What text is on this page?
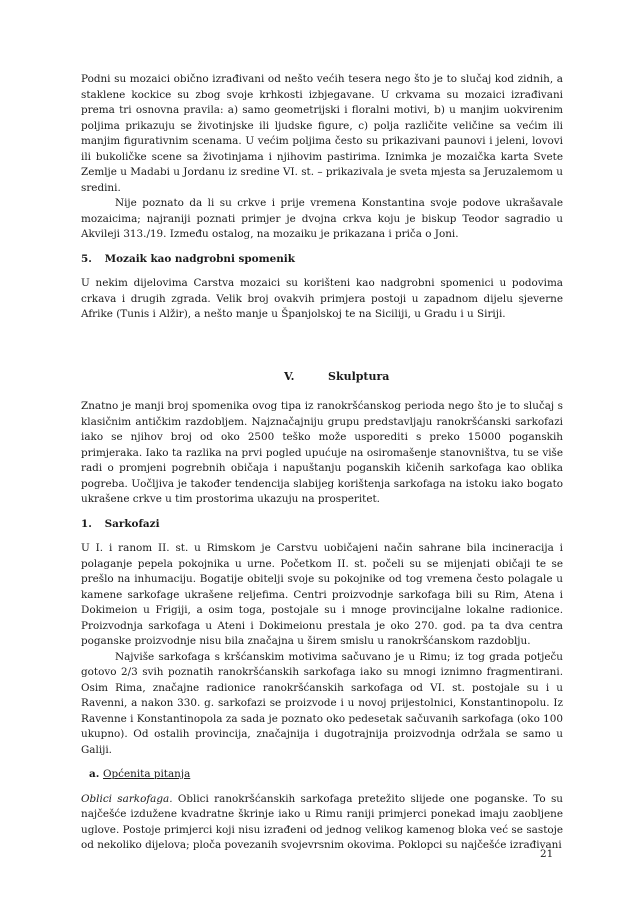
Podni su mozaici obično izrađivani od nešto većih tesera nego što je to slučaj kod zidnih, a staklene kockice su zbog svoje krhkosti izbjegavane. U crkvama su mozaici izrađivani prema tri osnovna pravila: a) samo geometrijski i floralni motivi, b) u manjim uokvirenim poljima prikazuju se životinjske ili ljudske figure, c) polja različite veličine sa većim ili manjim figurativnim scenama. U većim poljima često su prikazivani paunovi i jeleni, lovovi ili bukoličke scene sa životinjama i njihovim pastirima. Iznimka je mozaička karta Svete Zemlje u Madabi u Jordanu iz sredine VI. st. – prikazivala je sveta mjesta sa Jeruzalemom u sredini.

Nije poznato da li su crkve i prije vremena Konstantina svoje podove ukrašavale mozaicima; najraniji poznati primjer je dvojna crkva koju je biskup Teodor sagradio u Akvileji 313./19. Između ostalog, na mozaiku je prikazana i priča o Joni.

5. Mozaik kao nadgrobni spomenik

U nekim dijelovima Carstva mozaici su korišteni kao nadgrobni spomenici u podovima crkava i drugih zgrada. Velik broj ovakvih primjera postoji u zapadnom dijelu sjeverne Afrike (Tunis i Alžir), a nešto manje u Španjolskoj te na Siciliji, u Gradu i u Siriji.

V.	Skulptura

Znatno je manji broj spomenika ovog tipa iz ranokršćanskog perioda nego što je to slučaj s klasičnim antičkim razdobljem. Najznačajniju grupu predstavljaju ranokršćanski sarkofazi iako se njihov broj od oko 2500 teško može usporediti s preko 15000 poganskih primjeraka. Iako ta razlika na prvi pogled upućuje na osiromašenje stanovništva, tu se više radi o promjeni pogrebnih običaja i napuštanju poganskih kičenih sarkofaga kao oblika pogreba. Uočljiva je također tendencija slabijeg korištenja sarkofaga na istoku iako bogato ukrašene crkve u tim prostorima ukazuju na prosperitet.

1. Sarkofazi

U I. i ranom II. st. u Rimskom je Carstvu uobičajeni način sahrane bila incineracija i polaganje pepela pokojnika u urne. Početkom II. st. počeli su se mijenjati običaji te se prešlo na inhumaciju. Bogatije obitelji svoje su pokojnike od tog vremena često polagale u kamene sarkofage ukrašene reljefima. Centri proizvodnje sarkofaga bili su Rim, Atena i Dokimeion u Frigiji, a osim toga, postojale su i mnoge provincijalne lokalne radionice. Proizvodnja sarkofaga u Ateni i Dokimeionu prestala je oko 270. god. pa ta dva centra poganske proizvodnje nisu bila značajna u širem smislu u ranokršćanskom razdoblju.

Najviše sarkofaga s kršćanskim motivima sačuvano je u Rimu; iz tog grada potječu gotovo 2/3 svih poznatih ranokršćanskih sarkofaga iako su mnogi iznimno fragmentirani. Osim Rima, značajne radionice ranokršćanskih sarkofaga od VI. st. postojale su i u Ravenni, a nakon 330. g. sarkofazi se proizvode i u novoj prijestolnici, Konstantinopolu. Iz Ravenne i Konstantinopola za sada je poznato oko pedesetak sačuvanih sarkofaga (oko 100 ukupno). Od ostalih provincija, značajnija i dugotrajnija proizvodnja održala se samo u Galiji.

a. Općenita pitanja

Oblici sarkofaga. Oblici ranokršćanskih sarkofaga pretežito slijede one poganske. To su najčešće izdužene kvadratne škrinje iako u Rimu raniji primjerci ponekad imaju zaobljene uglove. Postoje primjerci koji nisu izrađeni od jednog velikog kamenog bloka već se sastoje od nekoliko dijelova; ploča povezanih svojevrsnim okovima. Poklopci su najčešće izrađivani

21
